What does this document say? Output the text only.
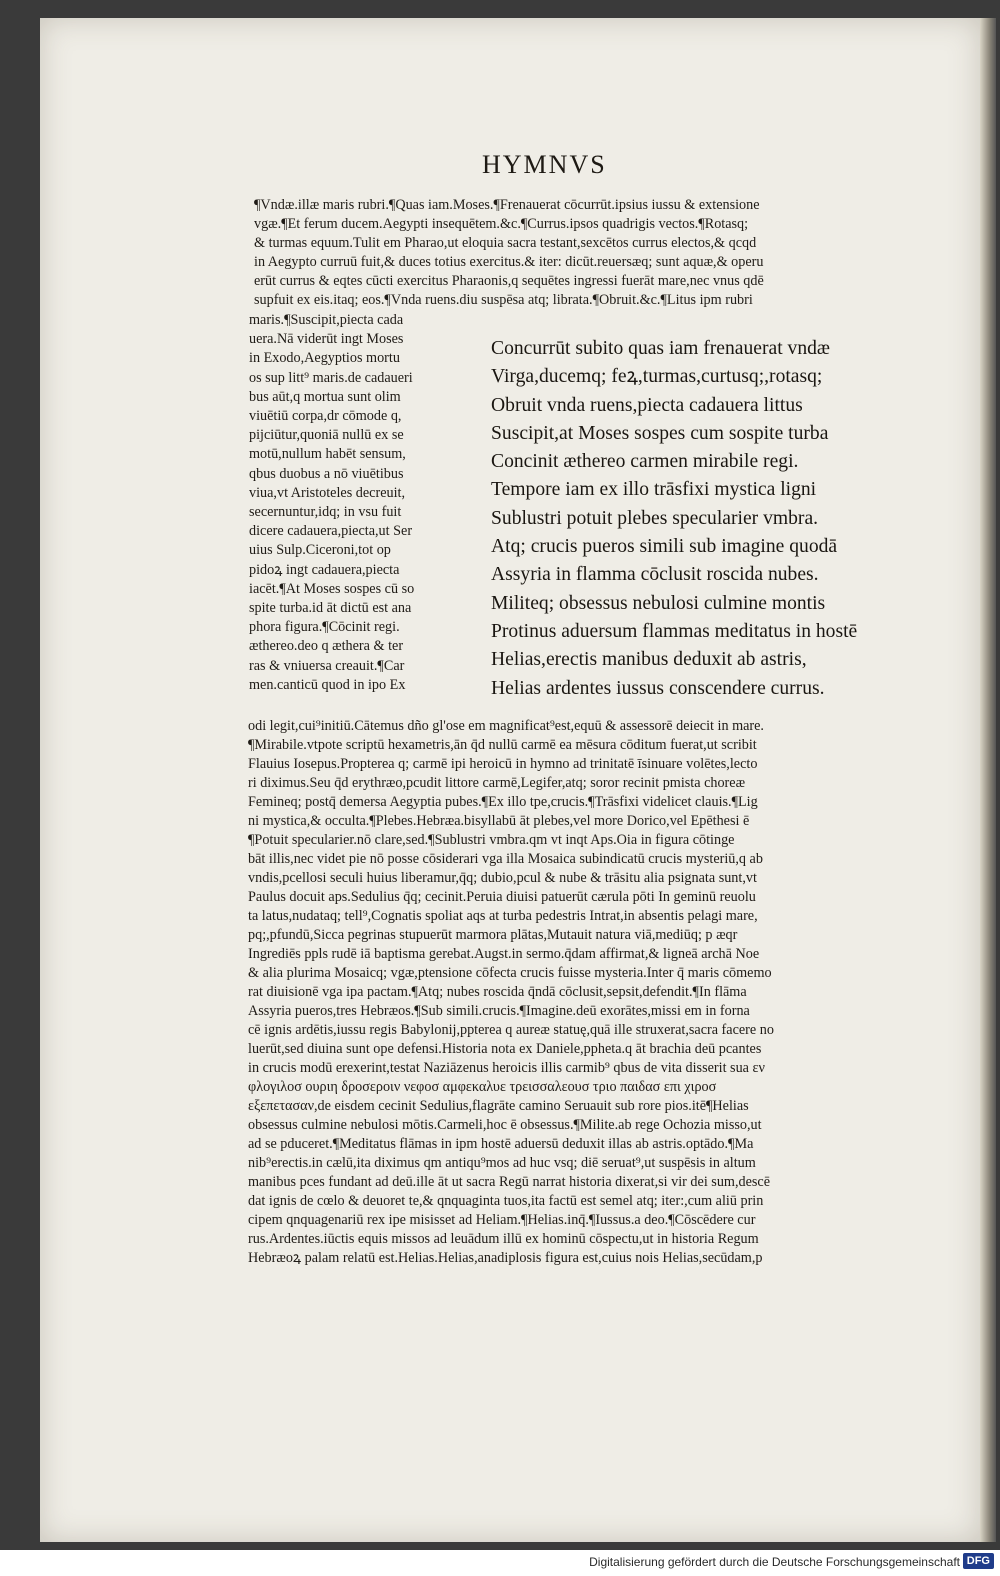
HYMNVS
¶Vndæ.illæ maris rubri.¶Quas iam.Moses.¶Frenauerat cōcurrūt.ipsius iussu & extensione
vgæ.¶Et ferum ducem.Aegypti insequētem.&c.¶Currus.ipsos quadrigis vectos.¶Rotasq;
& turmas equum.Tulit em Pharao,ut eloquia sacra testant,sexcētos currus electos,& qcqd
in Aegypto curruū fuit,& duces totius exercitus.& iter: dicūt.reuersæq; sunt aquæ,& operu
erūt currus & eqtes cūcti exercitus Pharaonis,q sequētes ingressi fuerāt mare,nec vnus qdē
supfuit ex eis.itaq; eos.¶Vnda ruens.diu suspēsa atq; librata.¶Obruit.&c.¶Litus ipm rubri
maris.¶Suscipit,piecta cada
uera.Nā viderūt ingt Moses
in Exodo,Aegyptios mortu
os sup litt⁹ maris.de cadaueri
bus aūt,q mortua sunt olim
viuētiū corpa,dr cōmode q,
pijciūtur,quoniā nullū ex se
motū,nullum habēt sensum,
qbus duobus a nō viuētibus
viua,vt Aristoteles decreuit,
secernuntur,idq; in vsu fuit
dicere cadauera,piecta,ut Ser
uius Sulp.Ciceroni,tot op
pidoꝝ ingt cadauera,piecta
iacēt.¶At Moses sospes cū so
spite turba.id āt dictū est ana
phora figura.¶Cōcinit regi.
æthereo.deo q æthera & ter
ras & vniuersa creauit.¶Car
men.canticū quod in ipo Ex
Concurrūt subito quas iam frenauerat vndæ
Virga,ducemq; feꝝ,turmas,curtusq;,rotasq;
Obruit vnda ruens,piecta cadauera littus
Suscipit,at Moses sospes cum sospite turba
Concinit æthereo carmen mirabile regi.
Tempore iam ex illo trāsfixi mystica ligni
Sublustri potuit plebes specularier vmbra.
Atq; crucis pueros simili sub imagine quodā
Assyria in flamma cōclusit roscida nubes.
Militeq; obsessus nebulosi culmine montis
Protinus aduersum flammas meditatus in hostē
Helias,erectis manibus deduxit ab astris,
Helias ardentes iussus conscendere currus.
odi legit,cui⁹initiū.Cātemus dño gl'ose em magnificat⁹est,equū & assessorē deiecit in mare.
¶Mirabile.vtpote scriptū hexametris,ān q̄d nullū carmē ea mēsura cōditum fuerat,ut scribit
Flauius Iosepus.Propterea q; carmē ipi heroicū in hymno ad trinitatē īsinuare volētes,lecto
ri diximus.Seu q̄d erythræo,pcudit littore carmē,Legifer,atq; soror recinit pmista choreæ
Femineq; postq̄ demersa Aegyptia pubes.¶Ex illo tpe,crucis.¶Trāsfixi videlicet clauis.¶Lig
ni mystica,& occulta.¶Plebes.Hebræa.bisyllabū āt plebes,vel more Dorico,vel Epēthesi ē
¶Potuit specularier.nō clare,sed.¶Sublustri vmbra.qm vt inqt Aps.Oia in figura cōtinge
bāt illis,nec videt pie nō posse cōsiderari vga illa Mosaica subindicatū crucis mysteriū,q ab
vndis,pcellosi seculi huius liberamur,q̄q; dubio,pcul & nube & trāsitu alia psignata sunt,vt
Paulus docuit aps.Sedulius q̄q; cecinit.Peruia diuisi patuerūt cærula pōti In geminū reuolu
ta latus,nudataq; tell⁹,Cognatis spoliat aqs at turba pedestris Intrat,in absentis pelagi mare,
pq;,pfundū,Sicca pegrinas stupuerūt marmora plātas,Mutauit natura viā,mediūq; p æqr
Ingrediēs ppls rudē iā baptisma gerebat.Augst.in sermo.q̄dam affirmat,& ligneā archā Noe
& alia plurima Mosaicq; vgæ,ptensione cōfecta crucis fuisse mysteria.Inter q̄ maris cōmemo
rat diuisionē vga ipa pactam.¶Atq; nubes roscida q̄ndā cōclusit,sepsit,defendit.¶In flāma
Assyria pueros,tres Hebræos.¶Sub simili.crucis.¶Imagine.deū exorātes,missi em in forna
cē ignis ardētis,iussu regis Babylonij,ppterea q aureæ statuę,quā ille struxerat,sacra facere no
luerūt,sed diuina sunt ope defensi.Historia nota ex Daniele,ppheta.q āt brachia deū pcantes
in crucis modū erexerint,testat Naziāzenus heroicis illis carmib⁹ qbus de vita disserit sua εν
φλογιλοσ ουριη δροσεροιν νεφοσ αμφεκαλυε τρεισσαλεουσ τριο παιδασ επι χιροσ
εξεπετασαν,de eisdem cecinit Sedulius,flagrāte camino Seruauit sub rore pios.itē¶Helias
obsessus culmine nebulosi mōtis.Carmeli,hoc ē obsessus.¶Milite.ab rege Ochozia misso,ut
ad se pduceret.¶Meditatus flāmas in ipm hostē aduersū deduxit illas ab astris.optādo.¶Ma
nib⁹erectis.in cælū,ita diximus qm antiqu⁹mos ad huc vsq; diē seruat⁹,ut suspēsis in altum
manibus pces fundant ad deū.ille āt ut sacra Regū narrat historia dixerat,si vir dei sum,descē
dat ignis de cœlo & deuoret te,& qnquaginta tuos,ita factū est semel atq; iter:,cum aliū prin
cipem qnquagenariū rex ipe misisset ad Heliam.¶Helias.inq̄.¶Iussus.a deo.¶Cōscēdere cur
rus.Ardentes.iūctis equis missos ad leuādum illū ex hominū cōspectu,ut in historia Regum
Hebræoꝝ palam relatū est.Helias.Helias,anadiplosis figura est,cuius nois Helias,secūdam,p
Digitalisierung gefördert durch die Deutsche Forschungsgemeinschaft DFG
